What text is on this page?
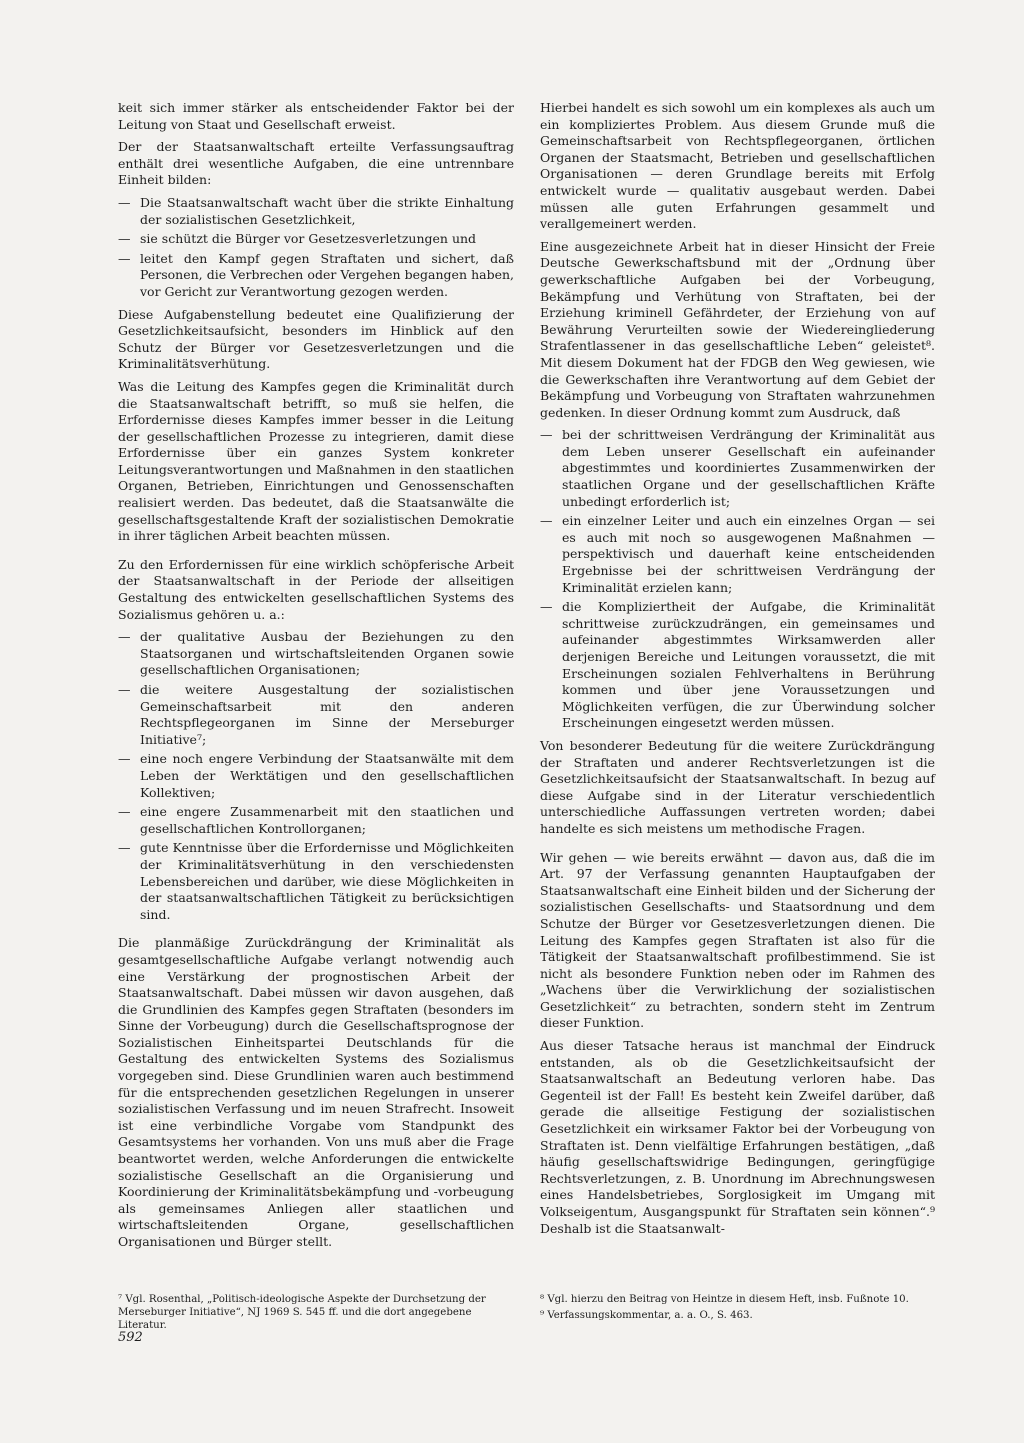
keit sich immer stärker als entscheidender Faktor bei der Leitung von Staat und Gesellschaft erweist.

Der der Staatsanwaltschaft erteilte Verfassungsauftrag enthält drei wesentliche Aufgaben, die eine untrennbare Einheit bilden:

— Die Staatsanwaltschaft wacht über die strikte Einhaltung der sozialistischen Gesetzlichkeit,
— sie schützt die Bürger vor Gesetzesverletzungen und
— leitet den Kampf gegen Straftaten und sichert, daß Personen, die Verbrechen oder Vergehen begangen haben, vor Gericht zur Verantwortung gezogen werden.

Diese Aufgabenstellung bedeutet eine Qualifizierung der Gesetzlichkeitsaufsicht, besonders im Hinblick auf den Schutz der Bürger vor Gesetzesverletzungen und die Kriminalitätsverhütung.

Was die Leitung des Kampfes gegen die Kriminalität durch die Staatsanwaltschaft betrifft, so muß sie helfen, die Erfordernisse dieses Kampfes immer besser in die Leitung der gesellschaftlichen Prozesse zu integrieren, damit diese Erfordernisse über ein ganzes System konkreter Leitungsverantwortungen und Maßnahmen in den staatlichen Organen, Betrieben, Einrichtungen und Genossenschaften realisiert werden. Das bedeutet, daß die Staatsanwälte die gesellschaftsgestaltende Kraft der sozialistischen Demokratie in ihrer täglichen Arbeit beachten müssen.

Zu den Erfordernissen für eine wirklich schöpferische Arbeit der Staatsanwaltschaft in der Periode der allseitigen Gestaltung des entwickelten gesellschaftlichen Systems des Sozialismus gehören u. a.:

— der qualitative Ausbau der Beziehungen zu den Staatsorganen und wirtschaftsleitenden Organen sowie gesellschaftlichen Organisationen;
— die weitere Ausgestaltung der sozialistischen Gemeinschaftsarbeit mit den anderen Rechtspflegeorganen im Sinne der Merseburger Initiative⁷;
— eine noch engere Verbindung der Staatsanwälte mit dem Leben der Werktätigen und den gesellschaftlichen Kollektiven;
— eine engere Zusammenarbeit mit den staatlichen und gesellschaftlichen Kontrollorganen;
— gute Kenntnisse über die Erfordernisse und Möglichkeiten der Kriminalitätsverhütung in den verschiedensten Lebensbereichen und darüber, wie diese Möglichkeiten in der staatsanwaltschaftlichen Tätigkeit zu berücksichtigen sind.

Die planmäßige Zurückdrängung der Kriminalität als gesamtgesellschaftliche Aufgabe verlangt notwendig auch eine Verstärkung der prognostischen Arbeit der Staatsanwaltschaft. Dabei müssen wir davon ausgehen, daß die Grundlinien des Kampfes gegen Straftaten (besonders im Sinne der Vorbeugung) durch die Gesellschaftsprognose der Sozialistischen Einheitspartei Deutschlands für die Gestaltung des entwickelten Systems des Sozialismus vorgegeben sind. Diese Grundlinien waren auch bestimmend für die entsprechenden gesetzlichen Regelungen in unserer sozialistischen Verfassung und im neuen Strafrecht. Insoweit ist eine verbindliche Vorgabe vom Standpunkt des Gesamtsystems her vorhanden. Von uns muß aber die Frage beantwortet werden, welche Anforderungen die entwickelte sozialistische Gesellschaft an die Organisierung und Koordinierung der Kriminalitätsbekämpfung und -vorbeugung als gemeinsames Anliegen aller staatlichen und wirtschaftsleitenden Organe, gesellschaftlichen Organisationen und Bürger stellt.

Hierbei handelt es sich sowohl um ein komplexes als auch um ein kompliziertes Problem. Aus diesem Grunde muß die Gemeinschaftsarbeit von Rechtspflegeorganen, örtlichen Organen der Staatsmacht, Betrieben und gesellschaftlichen Organisationen — deren Grundlage bereits mit Erfolg entwickelt wurde — qualitativ ausgebaut werden. Dabei müssen alle guten Erfahrungen gesammelt und verallgemeinert werden.

Eine ausgezeichnete Arbeit hat in dieser Hinsicht der Freie Deutsche Gewerkschaftsbund mit der „Ordnung über gewerkschaftliche Aufgaben bei der Vorbeugung, Bekämpfung und Verhütung von Straftaten, bei der Erziehung kriminell Gefährdeter, der Erziehung von auf Bewährung Verurteilten sowie der Wiedereingliederung Strafentlassener in das gesellschaftliche Leben“ geleistet⁸. Mit diesem Dokument hat der FDGB den Weg gewiesen, wie die Gewerkschaften ihre Verantwortung auf dem Gebiet der Bekämpfung und Vorbeugung von Straftaten wahrzunehmen gedenken. In dieser Ordnung kommt zum Ausdruck, daß

— bei der schrittweisen Verdrängung der Kriminalität aus dem Leben unserer Gesellschaft ein aufeinander abgestimmtes und koordiniertes Zusammenwirken der staatlichen Organe und der gesellschaftlichen Kräfte unbedingt erforderlich ist;
— ein einzelner Leiter und auch ein einzelnes Organ — sei es auch mit noch so ausgewogenen Maßnahmen — perspektivisch und dauerhaft keine entscheidenden Ergebnisse bei der schrittweisen Verdrängung der Kriminalität erzielen kann;
— die Kompliziertheit der Aufgabe, die Kriminalität schrittweise zurückzudrängen, ein gemeinsames und aufeinander abgestimmtes Wirksamwerden aller derjenigen Bereiche und Leitungen voraussetzt, die mit Erscheinungen sozialen Fehlverhaltens in Berührung kommen und über jene Voraussetzungen und Möglichkeiten verfügen, die zur Überwindung solcher Erscheinungen eingesetzt werden müssen.

Von besonderer Bedeutung für die weitere Zurückdrängung der Straftaten und anderer Rechtsverletzungen ist die Gesetzlichkeitsaufsicht der Staatsanwaltschaft. In bezug auf diese Aufgabe sind in der Literatur verschiedentlich unterschiedliche Auffassungen vertreten worden; dabei handelte es sich meistens um methodische Fragen.

Wir gehen — wie bereits erwähnt — davon aus, daß die im Art. 97 der Verfassung genannten Hauptaufgaben der Staatsanwaltschaft eine Einheit bilden und der Sicherung der sozialistischen Gesellschafts- und Staatsordnung und dem Schutze der Bürger vor Gesetzesverletzungen dienen. Die Leitung des Kampfes gegen Straftaten ist also für die Tätigkeit der Staatsanwaltschaft profilbestimmend. Sie ist nicht als besondere Funktion neben oder im Rahmen des „Wachens über die Verwirklichung der sozialistischen Gesetzlichkeit“ zu betrachten, sondern steht im Zentrum dieser Funktion.

Aus dieser Tatsache heraus ist manchmal der Eindruck entstanden, als ob die Gesetzlichkeitsaufsicht der Staatsanwaltschaft an Bedeutung verloren habe. Das Gegenteil ist der Fall! Es besteht kein Zweifel darüber, daß gerade die allseitige Festigung der sozialistischen Gesetzlichkeit ein wirksamer Faktor bei der Vorbeugung von Straftaten ist. Denn vielfältige Erfahrungen bestätigen, „daß häufig gesellschaftswidrige Bedingungen, geringfügige Rechtsverletzungen, z. B. Unordnung im Abrechnungswesen eines Handelsbetriebes, Sorglosigkeit im Umgang mit Volkseigentum, Ausgangspunkt für Straftaten sein können“.⁹ Deshalb ist die Staatsanwalt-

⁷ Vgl. Rosenthal, „Politisch-ideologische Aspekte der Durchsetzung der Merseburger Initiative“, NJ 1969 S. 545 ff. und die dort angegebene Literatur.

⁸ Vgl. hierzu den Beitrag von Heintze in diesem Heft, insb. Fußnote 10.

⁹ Verfassungskommentar, a. a. O., S. 463.

592
